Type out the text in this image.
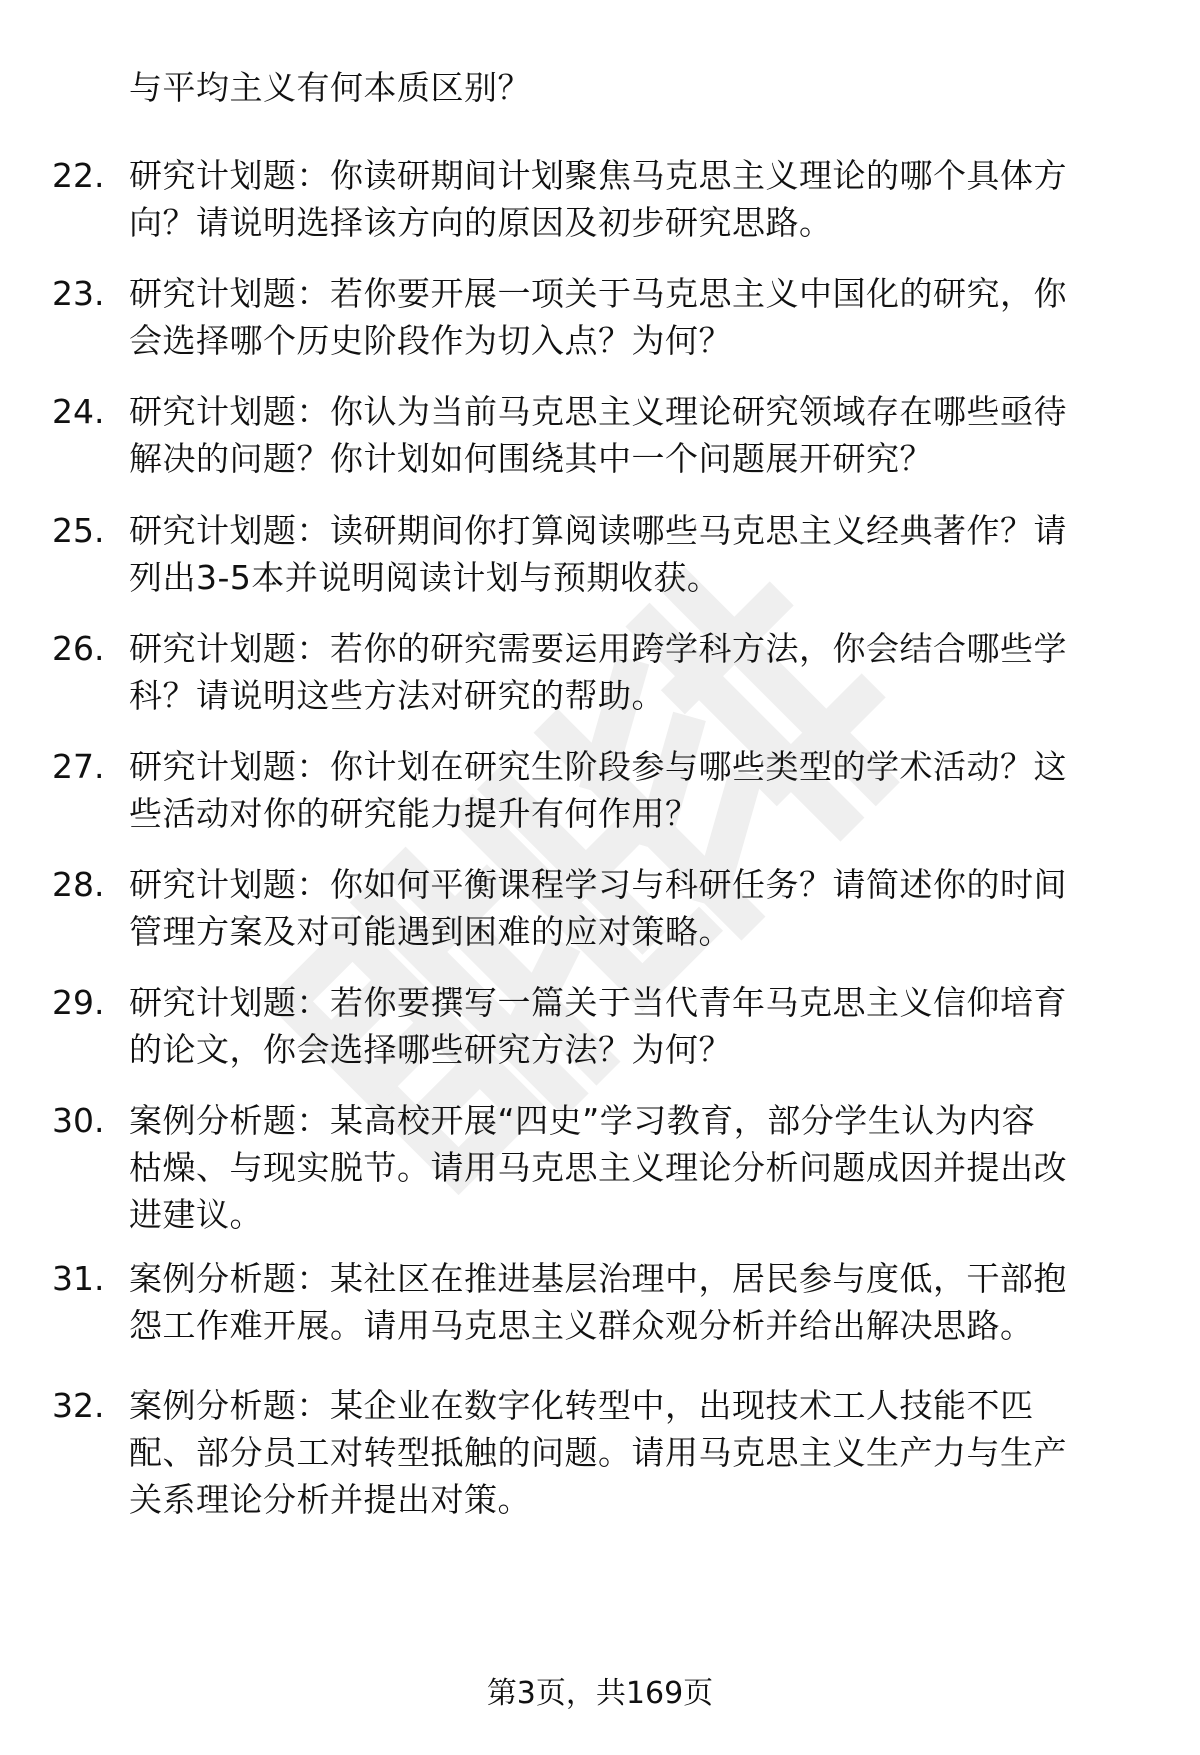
与平均主义有何本质区别？
22. 研究计划题：你读研期间计划聚焦马克思主义理论的哪个具体方
向？请说明选择该方向的原因及初步研究思路。
23. 研究计划题：若你要开展一项关于马克思主义中国化的研究，你
会选择哪个历史阶段作为切入点？为何？
24. 研究计划题：你认为当前马克思主义理论研究领域存在哪些亟待
解决的问题？你计划如何围绕其中一个问题展开研究？
25. 研究计划题：读研期间你打算阅读哪些马克思主义经典著作？请
列出3-5本并说明阅读计划与预期收获。
26. 研究计划题：若你的研究需要运用跨学科方法，你会结合哪些学
科？请说明这些方法对研究的帮助。
27. 研究计划题：你计划在研究生阶段参与哪些类型的学术活动？这
些活动对你的研究能力提升有何作用？
28. 研究计划题：你如何平衡课程学习与科研任务？请简述你的时间
管理方案及对可能遇到困难的应对策略。
29. 研究计划题：若你要撰写一篇关于当代青年马克思主义信仰培育
的论文，你会选择哪些研究方法？为何？
30. 案例分析题：某高校开展“四史”学习教育，部分学生认为内容
枯燥、与现实脱节。请用马克思主义理论分析问题成因并提出改
进建议。
31. 案例分析题：某社区在推进基层治理中，居民参与度低，干部抱
怨工作难开展。请用马克思主义群众观分析并给出解决思路。
32. 案例分析题：某企业在数字化转型中，出现技术工人技能不匹
配、部分员工对转型抵触的问题。请用马克思主义生产力与生产
关系理论分析并提出对策。
第3页，共169页
